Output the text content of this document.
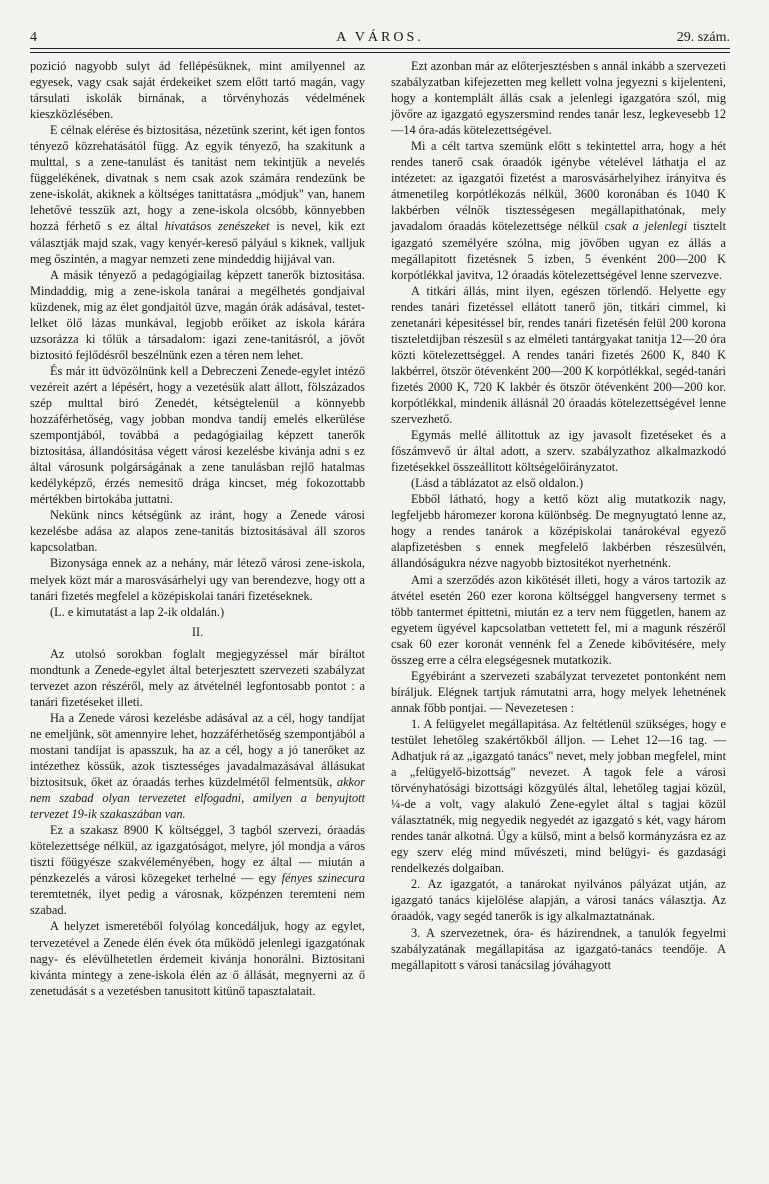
4	A VÁROS.	29. szám.

pozició nagyobb sulyt ád fellépésüknek, mint amilyennel az egyesek, vagy csak saját érdekeiket szem előtt tartó magán, vagy társulati iskolák birnának, a törvényhozás védelmének kieszközlésében.

E célnak elérése és biztositása, nézetünk szerint, két igen fontos tényező közrehatásától függ. Az egyik tényező, ha szakitunk a multtal, s a zene-tanulást és tanitást nem tekintjük a nevelés függelékének, divatnak s nem csak azok számára rendezünk be zene-iskolát, akiknek a költséges tanittatásra „módjuk" van, hanem lehetővé tesszük azt, hogy a zene-iskola olcsóbb, könnyebben hozzá férhető s ez által hivatásos zenészeket is nevel, kik ezt választják majd szak, vagy kenyér-kereső pályául s kiknek, valljuk meg őszintén, a magyar nemzeti zene mindeddig hijjával van.

A másik tényező a pedagógiailag képzett tanerők biztositása. Mindaddig, mig a zene-iskola tanárai a megélhetés gondjaival küzdenek, mig az élet gondjaitól üzve, magán órák adásával, testet-lelket ölő lázas munkával, legjobb erőiket az iskola kárára uzsorázza ki tőlük a társadalom: igazi zene-tanitásról, a jövőt biztositó fejlődésről beszélnünk ezen a téren nem lehet.

És már itt üdvözölnünk kell a Debreczeni Zenede-egylet intéző vezéreit azért a lépésért, hogy a vezetésük alatt állott, fölszázados szép multtal biró Zenedét, kétségtelenül a könnyebb hozzáférhetőség, vagy jobban mondva tandíj emelés elkerülése szempontjából, továbbá a pedagógiailag képzett tanerők biztositása, állandósitása végett városi kezelésbe kivánja adni s ez által városunk polgárságának a zene tanulásban rejlő hatalmas kedélyképző, érzés nemesitő drága kincset, még fokozottabb mértékben birtokába juttatni.

Nekünk nincs kétségünk az iránt, hogy a Zenede városi kezelésbe adása az alapos zene-tanitás biztositásával áll szoros kapcsolatban.

Bizonysága ennek az a nehány, már létező városi zene-iskola, melyek közt már a marosvásárhelyi ugy van berendezve, hogy ott a tanári fizetés megfelel a középiskolai tanári fizetéseknek.

(L. e kimutatást a lap 2-ik oldalán.)

II.

Az utolsó sorokban foglalt megjegyzéssel már bíráltot mondtunk a Zenede-egylet által beterjesztett szervezeti szabályzat tervezet azon részéről, mely az átvételnél legfontosabb pontot : a tanári fizetéseket illeti.

Ha a Zenede városi kezelésbe adásával az a cél, hogy tandíjat ne emeljünk, söt amennyire lehet, hozzáférhetőség szempontjából a mostani tandíjat is apasszuk, ha az a cél, hogy a jó tanerőket az intézethez kössük, azok tisztességes javadalmazásával állásukat biztositsuk, őket az óraadás terhes küzdelmétől felmentsük, akkor nem szabad olyan tervezetet elfogadni, amilyen a benyujtott tervezet 19-ik szakaszában van.

Ez a szakasz 8900 K költséggel, 3 tagból szervezi, óraadás kötelezettsége nélkül, az igazgatóságot, melyre, jól mondja a város tiszti főügyésze szakvéleményében, hogy ez által — miután a pénzkezelés a városi közegeket terhelné — egy fényes szinecura teremtetnék, ilyet pedig a városnak, közpénzen teremteni nem szabad.

A helyzet ismeretéből folyólag koncedáljuk, hogy az egylet, tervezetével a Zenede élén évek óta működő jelenlegi igazgatónak nagy- és elévülhetetlen érdemeit kivánja honorálni. Biztositani kivánta mintegy a zene-iskola élén az ő állását, megnyerni az ő zenetudását s a vezetésben tanusitott kitünő tapasztalatait.

Ezt azonban már az előterjesztésben s annál inkább a szervezeti szabályzatban kifejezetten meg kellett volna jegyezni s kijelenteni, hogy a kontemplált állás csak a jelenlegi igazgatóra szól, mig jövőre az igazgató egyszersmind rendes tanár lesz, legkevesebb 12—14 óra-adás kötelezettségével.

Mi a célt tartva szemünk előtt s tekintettel arra, hogy a hét rendes tanerő csak óraadók igénybe vételével láthatja el az intézetet: az igazgatói fizetést a marosvásárhelyihez irányitva és átmenetileg korpótlékozás nélkül, 3600 koronában és 1040 K lakbérben vélnők tisztességesen megállapithatónak, mely javadalom óraadás kötelezettsége nélkül csak a jelenlegi tisztelt igazgató személyére szólna, mig jövőben ugyan ez állás a megállapitott fizetésnek 5 izben, 5 évenként 200—200 K korpótlékkal javitva, 12 óraadás kötelezettségével lenne szervezve.

A titkári állás, mint ilyen, egészen törlendő. Helyette egy rendes tanári fizetéssel ellátott tanerő jön, titkári cimmel, ki zenetanári képesitéssel bír, rendes tanári fizetésén felül 200 korona tiszteletdijban részesül s az elméleti tantárgyakat tanitja 12—20 óra közti kötelezettséggel. A rendes tanári fizetés 2600 K, 840 K lakbérrel, ötször ötévenként 200—200 K korpótlékkal, segéd-tanári fizetés 2000 K, 720 K lakbér és ötször ötévenként 200—200 kor. korpótlékkal, mindenik állásnál 20 óraadás kötelezettségével lenne szervezhető.

Egymás mellé állitottuk az igy javasolt fizetéseket és a főszámvevő úr által adott, a szerv. szabályzathoz alkalmazkodó fizetésekkel összeállitott költségelőirányzatot.

(Lásd a táblázatot az első oldalon.)

Ebből látható, hogy a kettő közt alig mutatkozik nagy, legfeljebb háromezer korona különbség. De megnyugtató lenne az, hogy a rendes tanárok a középiskolai tanárokéval egyező alapfizetésben s ennek megfelelő lakbérben részesülvén, állandóságukra nézve nagyobb biztositékot nyerhetnénk.

Ami a szerződés azon kikötését illeti, hogy a város tartozik az átvétel esetén 260 ezer korona költséggel hangverseny termet s több tantermet épittetni, miután ez a terv nem független, hanem az egyetem ügyével kapcsolatban vettetett fel, mi a magunk részéről csak 60 ezer koronát vennénk fel a Zenede kibővitésére, mely összeg erre a célra elegségesnek mutatkozik.

Egyébiránt a szervezeti szabályzat tervezetet pontonként nem bíráljuk. Elégnek tartjuk rámutatni arra, hogy melyek lehetnének annak főbb pontjai. — Nevezetesen :

1. A felügyelet megállapitása. Az feltétlenül szükséges, hogy e testület lehetőleg szakértőkből álljon. — Lehet 12—16 tag. — Adhatjuk rá az „igazgató tanács" nevet, mely jobban megfelel, mint a „felügyelő-bizottság" nevezet. A tagok fele a városi törvényhatósági bizottsági közgyülés által, lehetőleg tagjai közül, ¼-de a volt, vagy alakuló Zene-egylet által s tagjai közül választatnék, mig negyedik negyedét az igazgató s két, vagy három rendes tanár alkotná. Úgy a külső, mint a belső kormányzásra ez az egy szerv elég mind művészeti, mind belügyi- és gazdasági rendelkezés dolgaiban.

2. Az igazgatót, a tanárokat nyilvános pályázat utján, az igazgató tanács kijelölése alapján, a városi tanács választja. Az óraadók, vagy segéd tanerők is igy alkalmaztatnának.

3. A szervezetnek, óra- és házirendnek, a tanulók fegyelmi szabályzatának megállapitása az igazgató-tanács teendője. A megállapitott s városi tanácsilag jóváhagyott
